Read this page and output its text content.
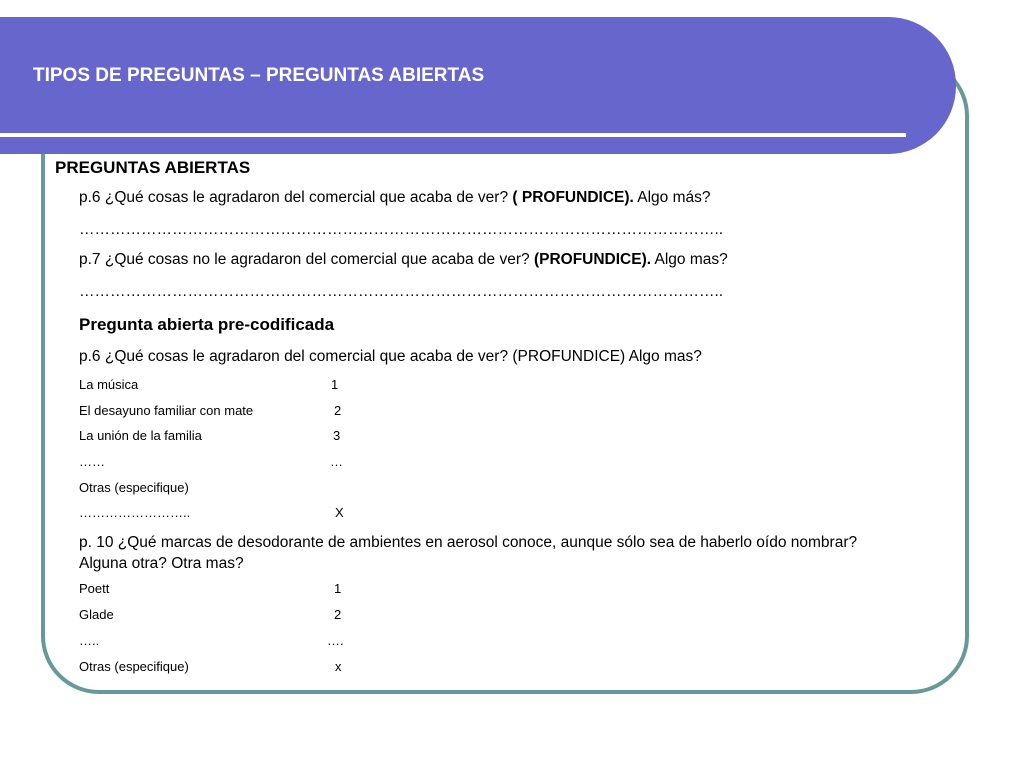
TIPOS DE PREGUNTAS – PREGUNTAS ABIERTAS
PREGUNTAS ABIERTAS
p.6 ¿Qué cosas le agradaron del comercial que acaba de ver? ( PROFUNDICE). Algo más?
……………………………………………………………………………………………………………..
p.7 ¿Qué cosas no le agradaron del comercial que acaba de ver? (PROFUNDICE). Algo mas?
……………………………………………………………………………………………………………..
Pregunta abierta pre-codificada
p.6 ¿Qué cosas le agradaron del comercial que acaba de ver? (PROFUNDICE) Algo mas?
La música	1
El desayuno familiar con mate	2
La unión de la familia	3
……	…
Otras (especifique)
……………………..	X
p. 10 ¿Qué marcas de desodorante de ambientes en aerosol conoce, aunque sólo sea de haberlo oído nombrar? Alguna otra? Otra mas?
Poett	1
Glade	2
…..	….
Otras (especifique)	x
